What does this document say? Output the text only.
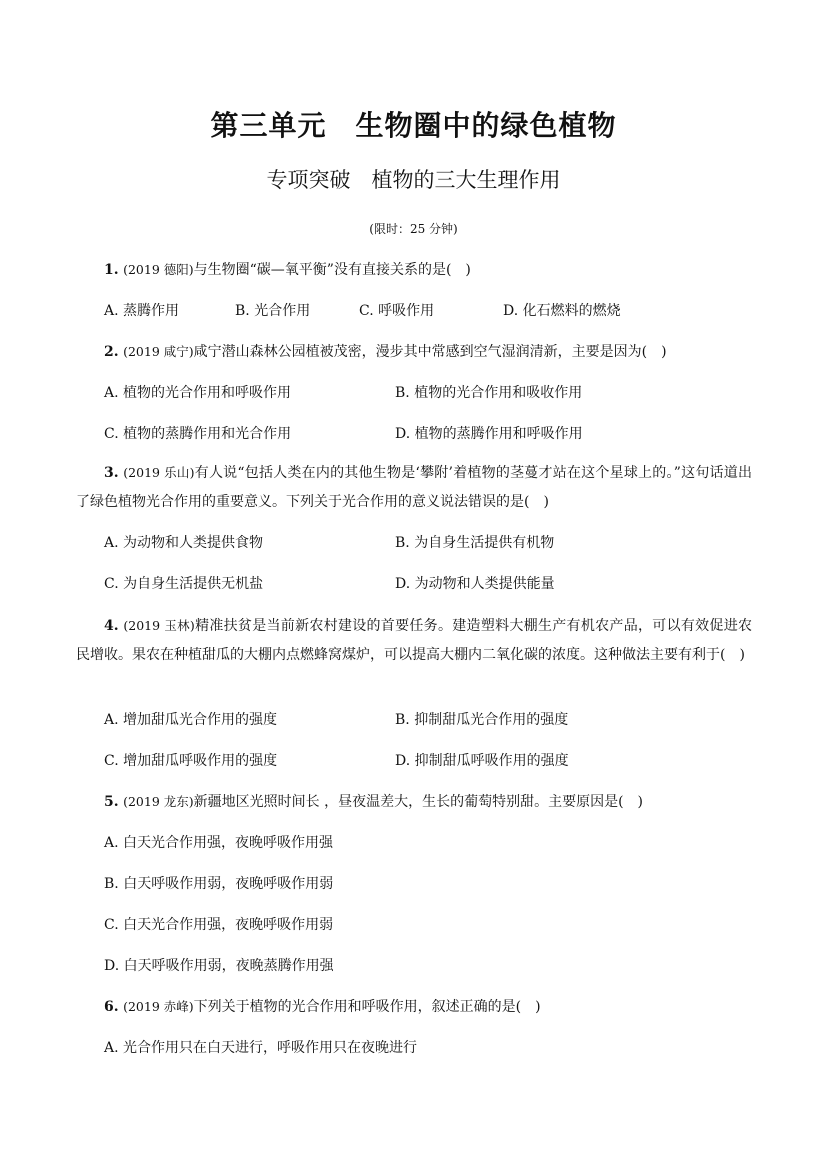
第三单元　生物圈中的绿色植物
专项突破　植物的三大生理作用
(限时：25 分钟)
1. (2019 德阳)与生物圈“碳—氧平衡”没有直接关系的是(　)
A. 蒸腾作用	B. 光合作用	C. 呼吸作用	D. 化石燃料的燃烧
2. (2019 咸宁)咸宁潜山森林公园植被茂密，漫步其中常感到空气湿润清新，主要是因为(　)
A. 植物的光合作用和呼吸作用	B. 植物的光合作用和吸收作用
C. 植物的蒸腾作用和光合作用	D. 植物的蒸腾作用和呼吸作用
3. (2019 乐山)有人说“包括人类在内的其他生物是‘攀附’着植物的茎蔓才站在这个星球上的。”这句话道出了绿色植物光合作用的重要意义。下列关于光合作用的意义说法错误的是(　)
A. 为动物和人类提供食物	B. 为自身生活提供有机物
C. 为自身生活提供无机盐	D. 为动物和人类提供能量
4. (2019 玉林)精准扶贫是当前新农村建设的首要任务。建造塑料大棚生产有机农产品，可以有效促进农民增收。果农在种植甜瓜的大棚内点燃蜂窝煤炉，可以提高大棚内二氧化碳的浓度。这种做法主要有利于(　)
A. 增加甜瓜光合作用的强度	B. 抑制甜瓜光合作用的强度
C. 增加甜瓜呼吸作用的强度	D. 抑制甜瓜呼吸作用的强度
5. (2019 龙东)新疆地区光照时间长 ，昼夜温差大，生长的葡萄特别甜。主要原因是(　)
A. 白天光合作用强，夜晚呼吸作用强
B. 白天呼吸作用弱，夜晚呼吸作用弱
C. 白天光合作用强，夜晚呼吸作用弱
D. 白天呼吸作用弱，夜晚蒸腾作用强
6. (2019 赤峰)下列关于植物的光合作用和呼吸作用，叙述正确的是(　)
A. 光合作用只在白天进行，呼吸作用只在夜晚进行
